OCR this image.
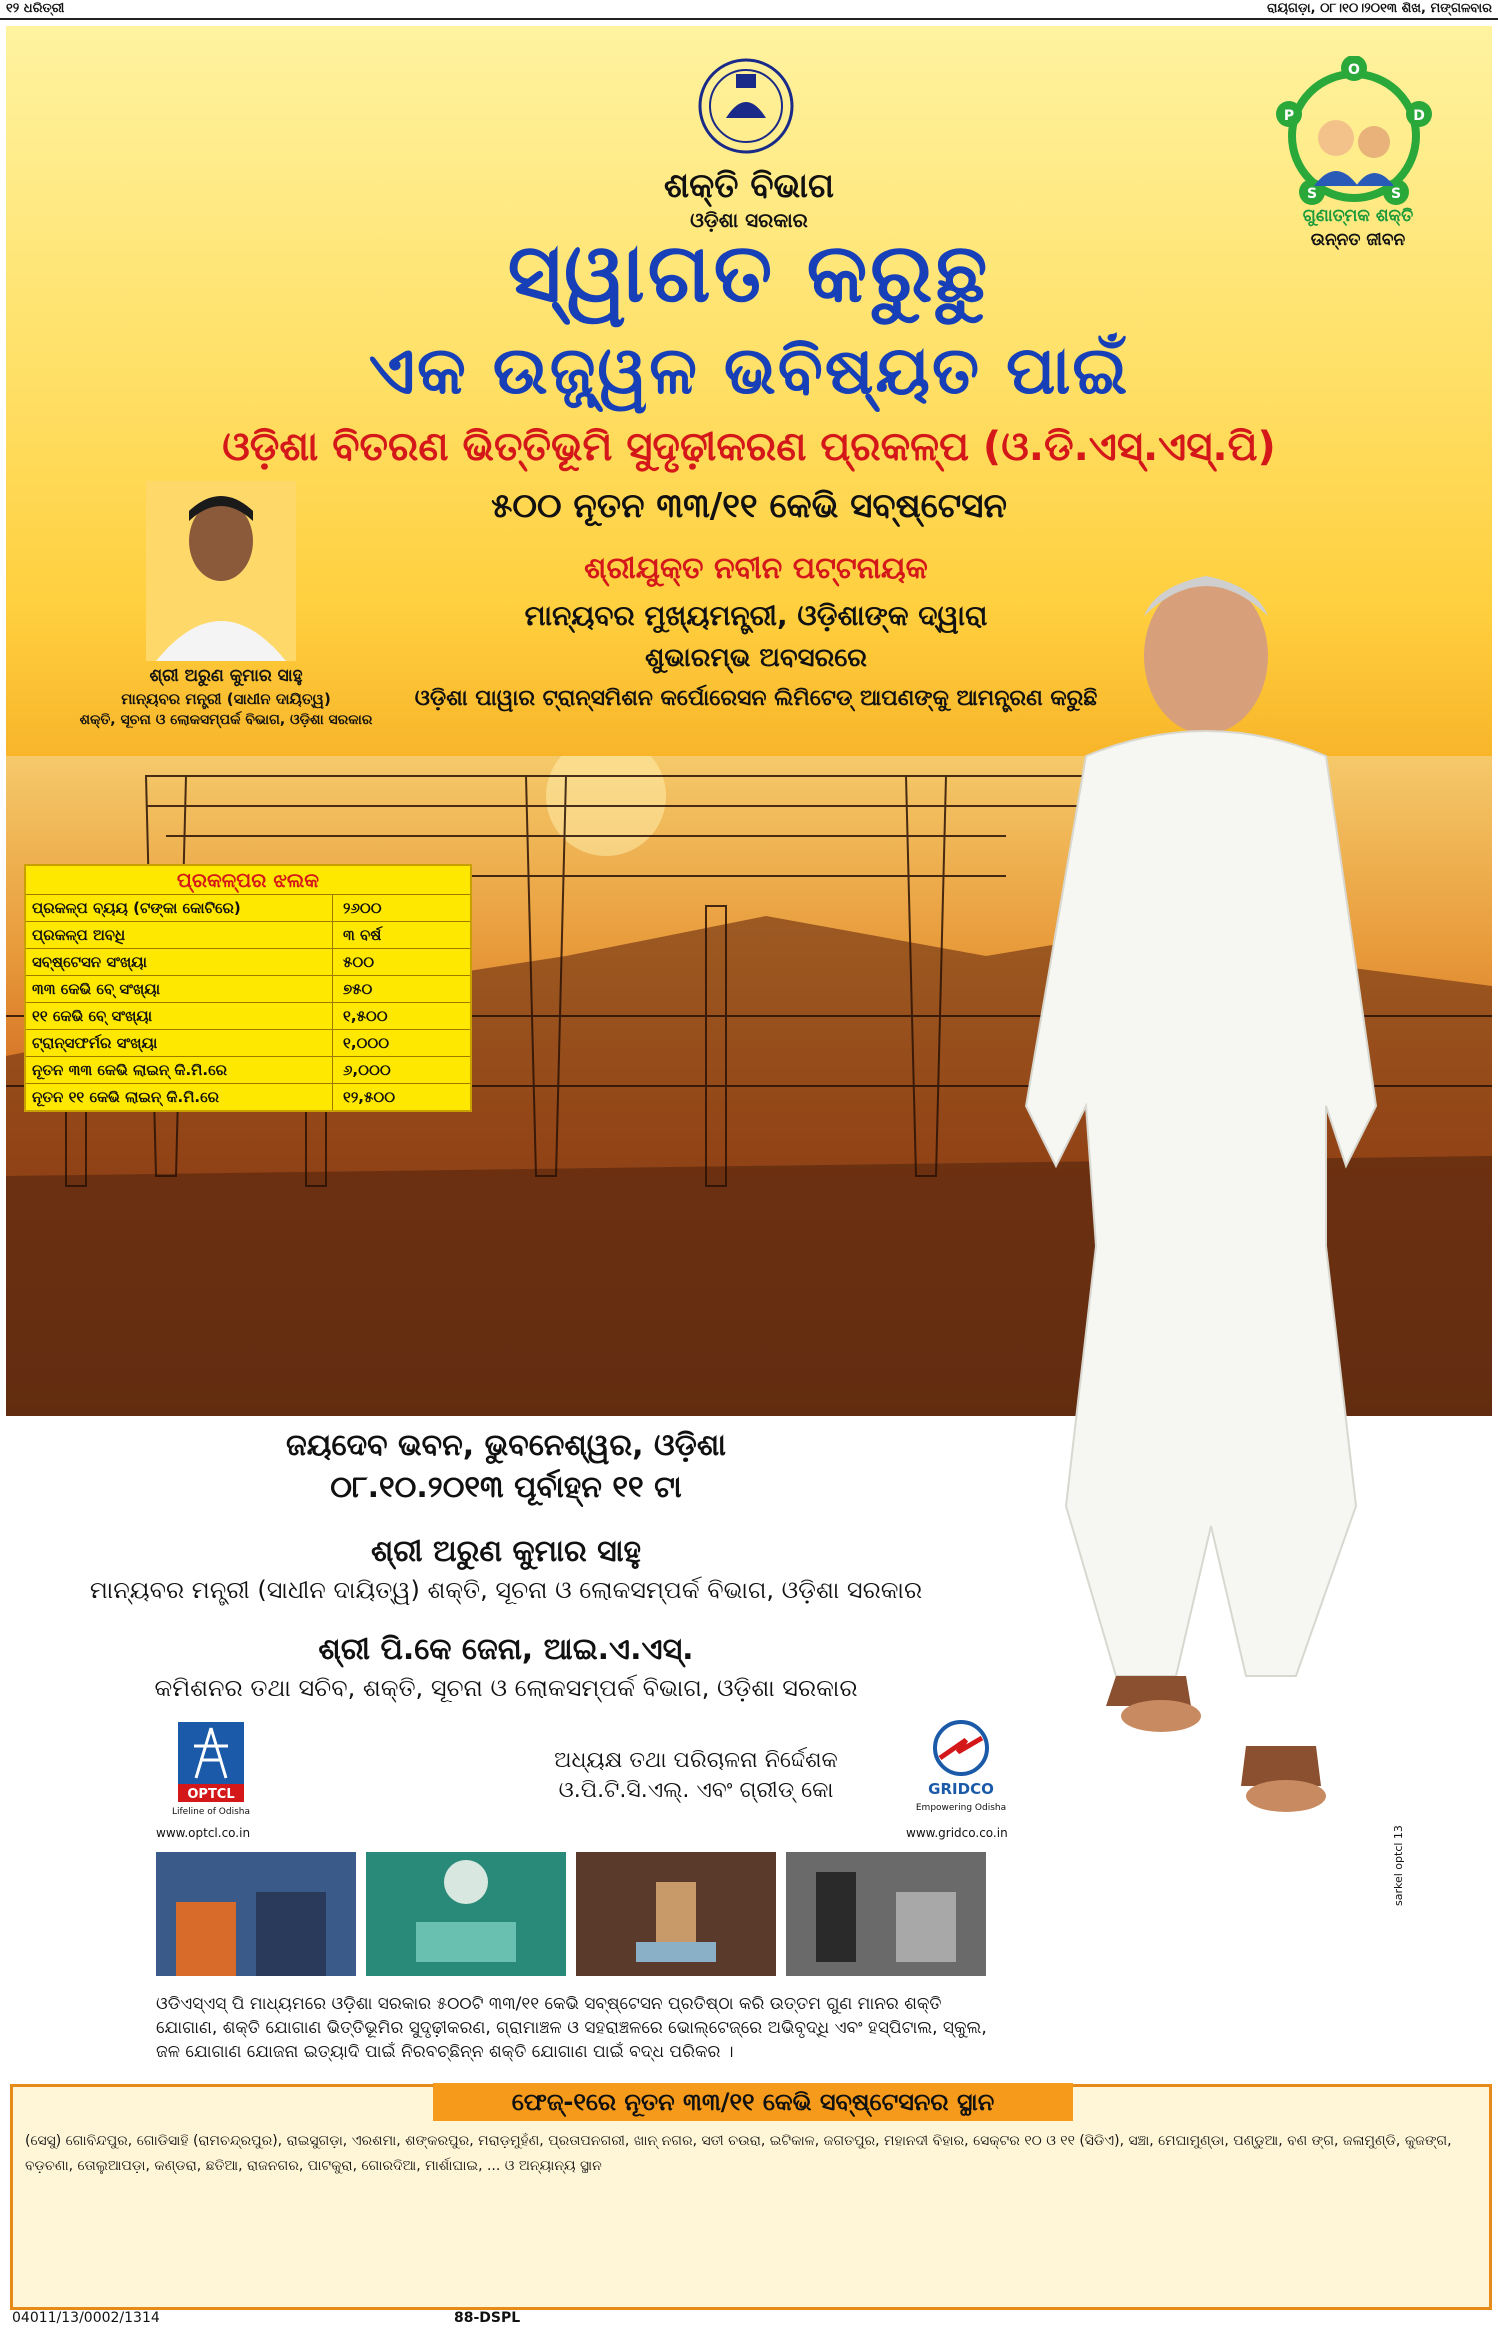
୧୨ ଧରିତ୍ରୀ	ରାୟଗଡ଼ା, ୦୮।୧୦।୨୦୧୩ ଶିଖ, ମଙ୍ଗଳବାର
ଶକ୍ତି ବିଭାଗ
ଓଡ଼ିଶା ସରକାର
ସ୍ୱାଗତ କରୁଛୁ
ଏକ ଉଜ୍ଜ୍ୱଳ ଭବିଷ୍ୟତ ପାଇଁ
ଓଡ଼ିଶା ବିତରଣ ଭିତ୍ତିଭୂମି ସୁଦୃଢ଼ୀକରଣ ପ୍ରକଳ୍ପ (ଓ.ଡି.ଏସ୍.ଏସ୍.ପି)
୫୦୦ ନୂତନ ୩୩/୧୧ କେଭି ସବ୍‌ଷ୍ଟେସନ
O
D
S
S
P
ଗୁଣାତ୍ମକ ଶକ୍ତି
ଉନ୍ନତ ଜୀବନ
ଶ୍ରୀ ଅରୁଣ କୁମାର ସାହୁ
ମାନ୍ୟବର ମନ୍ତ୍ରୀ (ସାଧୀନ ଦାୟିତ୍ୱ)
ଶକ୍ତି, ସୂଚନା ଓ ଲୋକସମ୍ପର୍କ ବିଭାଗ, ଓଡ଼ିଶା ସରକାର
ଶ୍ରୀଯୁକ୍ତ ନବୀନ ପଟ୍ଟନାୟକ
ମାନ୍ୟବର ମୁଖ୍ୟମନ୍ତ୍ରୀ, ଓଡ଼ିଶାଙ୍କ ଦ୍ୱାରା
ଶୁଭାରମ୍ଭ ଅବସରରେ
ଓଡ଼ିଶା ପାୱାର ଟ୍ରାନ୍ସମିଶନ କର୍ପୋରେସନ ଲିମିଟେଡ୍ ଆପଣଙ୍କୁ ଆମନ୍ତ୍ରଣ କରୁଛି
ପ୍ରକଳ୍ପର ଝଲକ
ପ୍ରକଳ୍ପ ବ୍ୟୟ (ଟଙ୍କା କୋଟିରେ)	୨୬୦୦
ପ୍ରକଳ୍ପ ଅବଧି	୩ ବର୍ଷ
ସବ୍‌ଷ୍ଟେସନ ସଂଖ୍ୟା	୫୦୦
୩୩ କେଭି ବେ୍ ସଂଖ୍ୟା	୭୫୦
୧୧ କେଭି ବେ୍ ସଂଖ୍ୟା	୧,୫୦୦
ଟ୍ରାନ୍ସଫର୍ମର ସଂଖ୍ୟା	୧,୦୦୦
ନୂତନ ୩୩ କେଭି ଲାଇନ୍ କି.ମି.ରେ	୬,୦୦୦
ନୂତନ ୧୧ କେଭି ଲାଇନ୍ କି.ମି.ରେ	୧୨,୫୦୦
ଜୟଦେବ ଭବନ, ଭୁବନେଶ୍ୱର, ଓଡ଼ିଶା
୦୮.୧୦.୨୦୧୩ ପୂର୍ବାହ୍ନ ୧୧ ଟା
ଶ୍ରୀ ଅରୁଣ କୁମାର ସାହୁ
ମାନ୍ୟବର ମନ୍ତ୍ରୀ (ସାଧୀନ ଦାୟିତ୍ୱ) ଶକ୍ତି, ସୂଚନା ଓ ଲୋକସମ୍ପର୍କ ବିଭାଗ, ଓଡ଼ିଶା ସରକାର
ଶ୍ରୀ ପି.କେ ଜେନା, ଆଇ.ଏ.ଏସ୍.
କମିଶନର ତଥା ସଚିବ, ଶକ୍ତି, ସୂଚନା ଓ ଲୋକସମ୍ପର୍କ ବିଭାଗ, ଓଡ଼ିଶା ସରକାର
OPTCL
Lifeline of Odisha
www.optcl.co.in
ଅଧ୍ୟକ୍ଷ ତଥା ପରିଚାଳନା ନିର୍ଦ୍ଦେଶକ
ଓ.ପି.ଟି.ସି.ଏଲ୍. ଏବଂ ଗ୍ରୀଡ୍ କୋ	GRIDCO
Empowering Odisha
www.gridco.co.in
ଓଡିଏସ୍‌ଏସ୍ ପି ମାଧ୍ୟମରେ ଓଡ଼ିଶା ସରକାର ୫୦୦ଟି ୩୩/୧୧ କେଭି ସବ୍‌ଷ୍ଟେସନ ପ୍ରତିଷ୍ଠା କରି ଉତ୍ତମ ଗୁଣ ମାନର ଶକ୍ତି ଯୋଗାଣ, ଶକ୍ତି ଯୋଗାଣ ଭିତ୍ତିଭୂମିର ସୁଦୃଢ଼ୀକରଣ, ଗ୍ରାମାଞ୍ଚଳ ଓ ସହରାଞ୍ଚଳରେ ଭୋଲ୍‌ଟେଜ୍‌ରେ ଅଭିବୃଦ୍ଧି ଏବଂ ହସ୍ପିଟାଲ, ସ୍କୁଲ, ଜଳ ଯୋଗାଣ ଯୋଜନା ଇତ୍ୟାଦି ପାଇଁ ନିରବଚ୍ଛିନ୍ନ ଶକ୍ତି ଯୋଗାଣ ପାଇଁ ବଦ୍ଧ ପରିକର ।
sarkel optcl 13
ଫେଜ୍-୧ରେ ନୂତନ ୩୩/୧୧ କେଭି ସବ୍‌ଷ୍ଟେସନର ସ୍ଥାନ
(ସେସୁ) ଗୋବିନ୍ଦପୁର, ଗୋଡିସାହି (ରାମଚନ୍ଦ୍ରପୁର), ରାଇସୁଗଡ଼ା, ଏରଶମା, ଶଙ୍କରପୁର, ମରାଡ଼ମୁହଁଣ, ପ୍ରତାପନଗରୀ, ଖାନ୍ ନଗର, ସତୀ ଚଉରା, ଇଟିକାଳ, ଜଗତପୁର, ମହାନଦୀ ବିହାର, ସେକ୍ଟର ୧୦ ଓ ୧୧ (ସିଡିଏ), ସଞ୍ଚା, ମେଘାମୁଣ୍ଡା, ପଣ୍ଡୁଆ, ବଣ ଙ୍ଗ, ଜଳାମୁଣ୍ଡି, କୁଜଙ୍ଗ, ବଡ଼ଚଣା, ତୋଲୁଆପଡ଼ା, କଣ୍ଡରା, ଛତିଆ, ରାଜନଗର, ପାଟକୁରା, ଗୋରଦିଆ, ମାର୍ଶାଘାଇ, ... ଓ ଅନ୍ୟାନ୍ୟ ସ୍ଥାନ
04011/13/0002/1314	88-DSPL
